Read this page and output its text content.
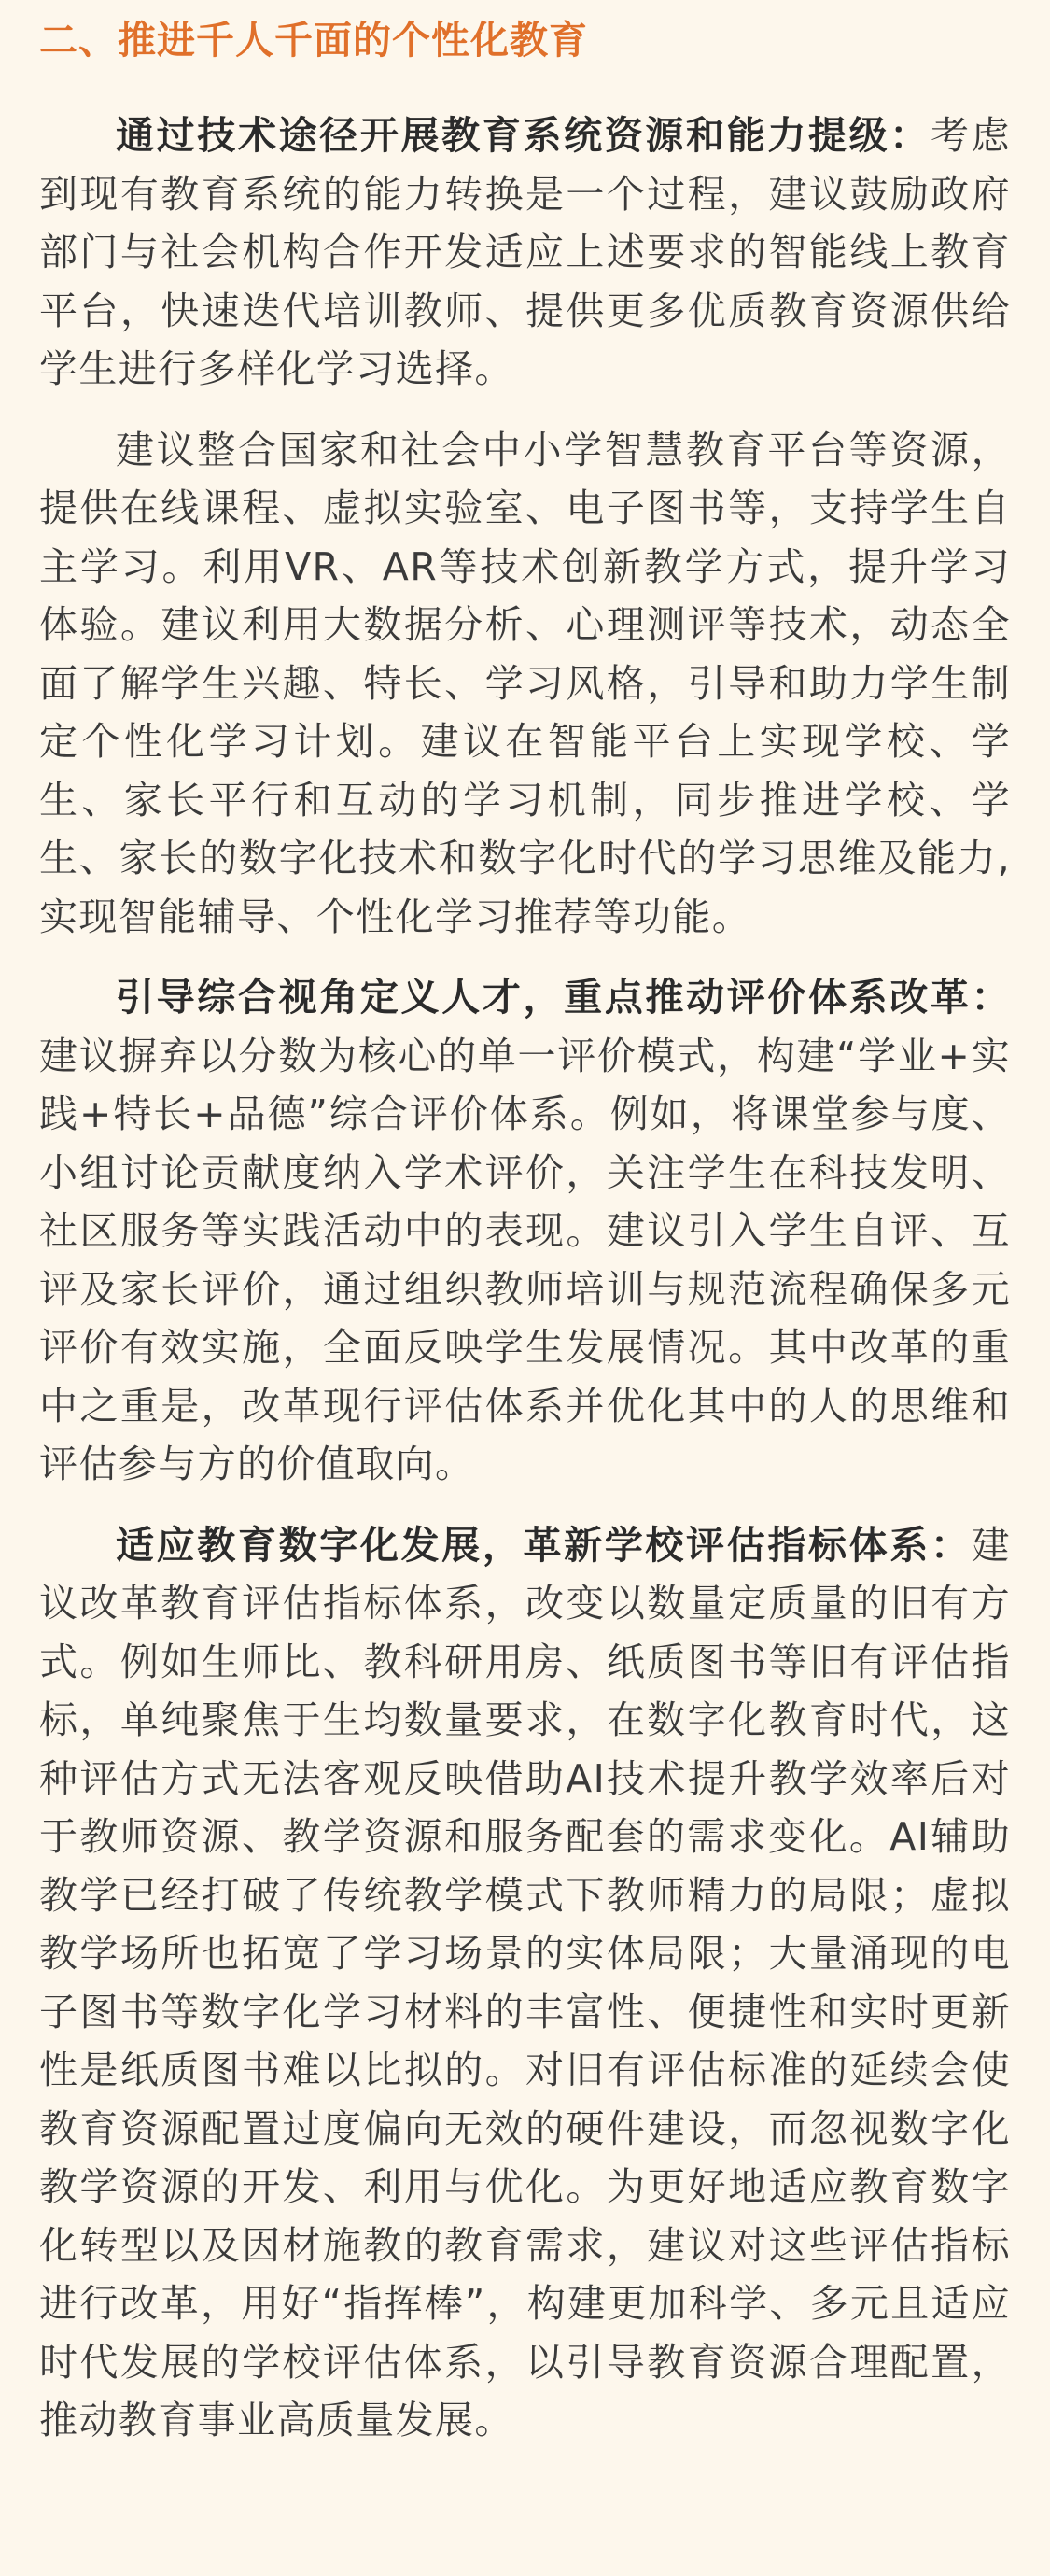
二、推进千人千面的个性化教育

通过技术途径开展教育系统资源和能力提级：考虑到现有教育系统的能力转换是一个过程，建议鼓励政府部门与社会机构合作开发适应上述要求的智能线上教育平台，快速迭代培训教师、提供更多优质教育资源供给学生进行多样化学习选择。

建议整合国家和社会中小学智慧教育平台等资源，提供在线课程、虚拟实验室、电子图书等，支持学生自主学习。利用VR、AR等技术创新教学方式，提升学习体验。建议利用大数据分析、心理测评等技术，动态全面了解学生兴趣、特长、学习风格，引导和助力学生制定个性化学习计划。建议在智能平台上实现学校、学生、家长平行和互动的学习机制，同步推进学校、学生、家长的数字化技术和数字化时代的学习思维及能力,实现智能辅导、个性化学习推荐等功能。

引导综合视角定义人才，重点推动评价体系改革：建议摒弃以分数为核心的单一评价模式，构建“学业+实践+特长+品德”综合评价体系。例如，将课堂参与度、小组讨论贡献度纳入学术评价，关注学生在科技发明、社区服务等实践活动中的表现。建议引入学生自评、互评及家长评价，通过组织教师培训与规范流程确保多元评价有效实施，全面反映学生发展情况。其中改革的重中之重是，改革现行评估体系并优化其中的人的思维和评估参与方的价值取向。

适应教育数字化发展，革新学校评估指标体系：建议改革教育评估指标体系，改变以数量定质量的旧有方式。例如生师比、教科研用房、纸质图书等旧有评估指标，单纯聚焦于生均数量要求，在数字化教育时代，这种评估方式无法客观反映借助AI技术提升教学效率后对于教师资源、教学资源和服务配套的需求变化。AI辅助教学已经打破了传统教学模式下教师精力的局限；虚拟教学场所也拓宽了学习场景的实体局限；大量涌现的电子图书等数字化学习材料的丰富性、便捷性和实时更新性是纸质图书难以比拟的。对旧有评估标准的延续会使教育资源配置过度偏向无效的硬件建设，而忽视数字化教学资源的开发、利用与优化。为更好地适应教育数字化转型以及因材施教的教育需求，建议对这些评估指标进行改革，用好“指挥棒”，构建更加科学、多元且适应时代发展的学校评估体系，以引导教育资源合理配置，推动教育事业高质量发展。
